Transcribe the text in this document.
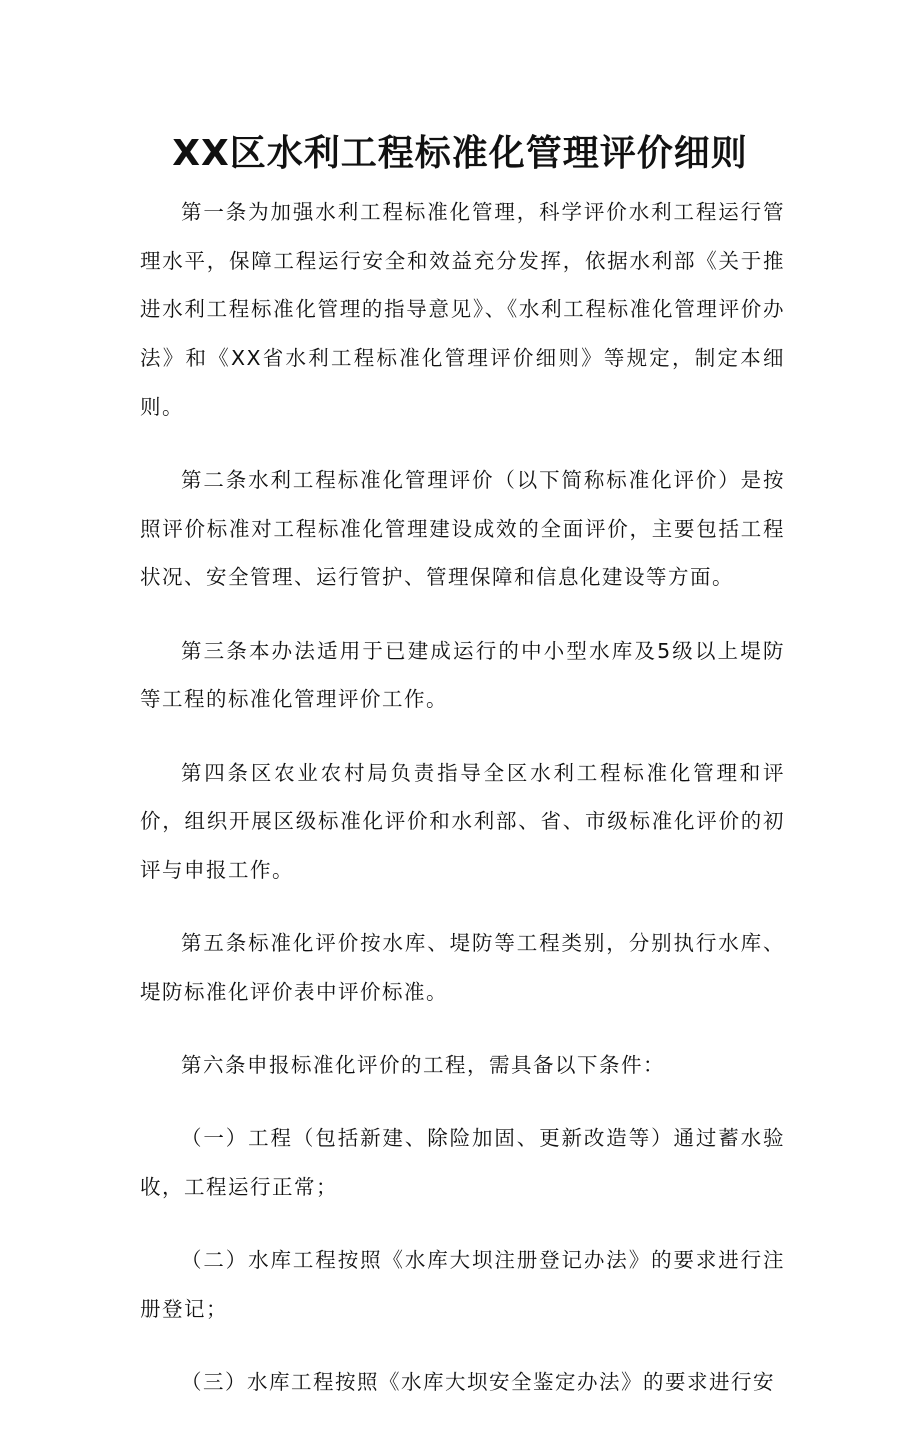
XX区水利工程标准化管理评价细则

第一条为加强水利工程标准化管理，科学评价水利工程运行管理水平，保障工程运行安全和效益充分发挥，依据水利部《关于推进水利工程标准化管理的指导意见》、《水利工程标准化管理评价办法》和《XX省水利工程标准化管理评价细则》等规定，制定本细则。

第二条水利工程标准化管理评价（以下简称标准化评价）是按照评价标准对工程标准化管理建设成效的全面评价，主要包括工程状况、安全管理、运行管护、管理保障和信息化建设等方面。

第三条本办法适用于已建成运行的中小型水库及5级以上堤防等工程的标准化管理评价工作。

第四条区农业农村局负责指导全区水利工程标准化管理和评价，组织开展区级标准化评价和水利部、省、市级标准化评价的初评与申报工作。

第五条标准化评价按水库、堤防等工程类别，分别执行水库、堤防标准化评价表中评价标准。

第六条申报标准化评价的工程，需具备以下条件：

（一）工程（包括新建、除险加固、更新改造等）通过蓄水验收，工程运行正常；

（二）水库工程按照《水库大坝注册登记办法》的要求进行注册登记；

（三）水库工程按照《水库大坝安全鉴定办法》的要求进行安
